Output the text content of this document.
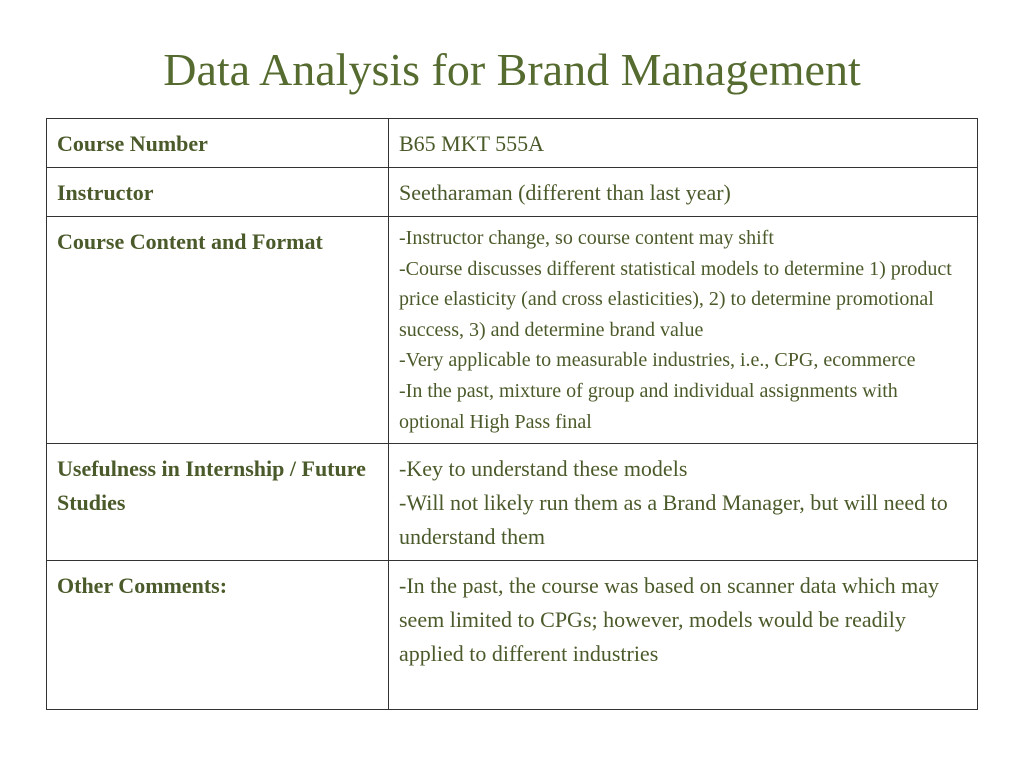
Data Analysis for Brand Management
Course Number	B65 MKT 555A

Instructor	Seetharaman (different than last year)

Course Content and Format	-Instructor change, so course content may shift
-Course discusses different statistical models to determine 1) product price elasticity (and cross elasticities), 2) to determine promotional success, 3) and determine brand value
-Very applicable to measurable industries, i.e., CPG, ecommerce
-In the past, mixture of group and individual assignments with optional High Pass final

Usefulness in Internship / Future Studies	-Key to understand these models
-Will not likely run them as a Brand Manager, but will need to understand them

Other Comments:	-In the past, the course was based on scanner data which may seem limited to CPGs; however, models would be readily applied to different industries
